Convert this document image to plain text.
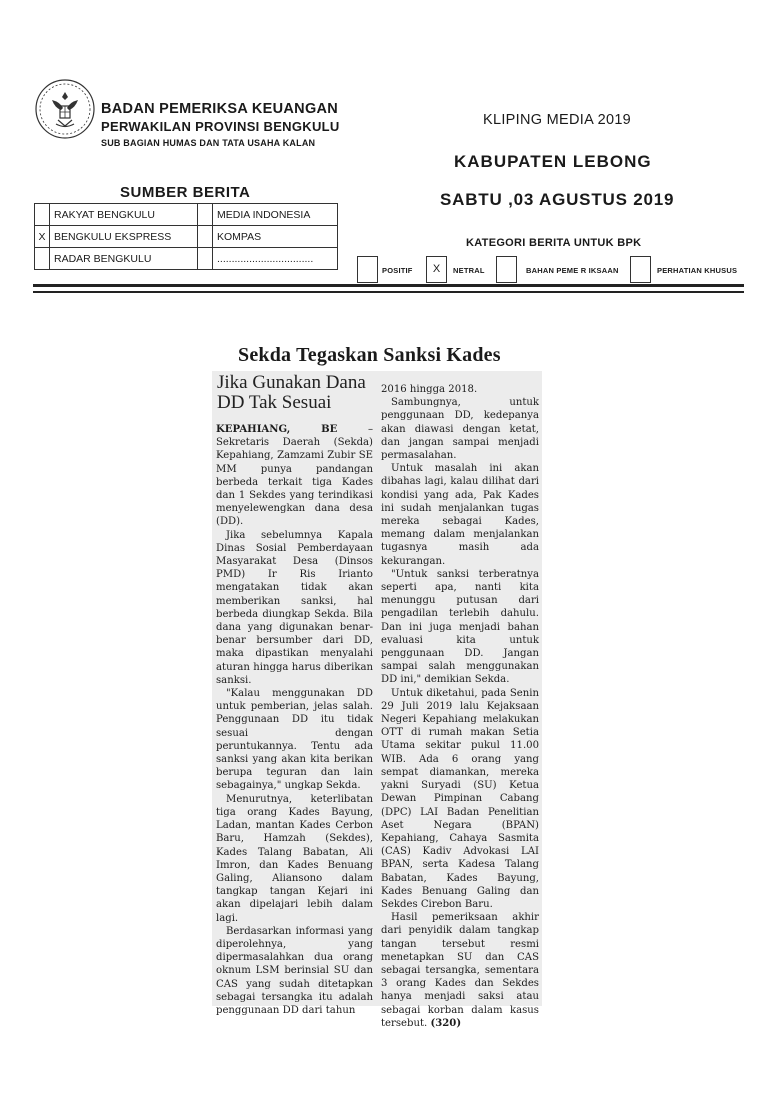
BADAN PEMERIKSA KEUANGAN
PERWAKILAN PROVINSI BENGKULU
SUB BAGIAN HUMAS DAN TATA USAHA KALAN
KLIPING MEDIA 2019
KABUPATEN LEBONG
SABTU ,03 AGUSTUS 2019
SUMBER BERITA
	RAKYAT BENGKULU		MEDIA INDONESIA
X	BENGKULU EKSPRESS		KOMPAS
	RADAR BENGKULU		.................................
KATEGORI BERITA UNTUK BPK
POSITIF	X	NETRAL	BAHAN PEME R IKSAAN	PERHATIAN KHUSUS
Sekda Tegaskan Sanksi Kades
Jika Gunakan Dana DD Tak Sesuai

KEPAHIANG, BE – Sekretaris Daerah (Sekda) Kepahiang, Zamzami Zubir SE MM punya pandangan berbeda terkait tiga Kades dan 1 Sekdes yang terindikasi menyelewengkan dana desa (DD).

Jika sebelumnya Kapala Dinas Sosial Pemberdayaan Masyarakat Desa (Dinsos PMD) Ir Ris Irianto mengatakan tidak akan memberikan sanksi, hal berbeda diungkap Sekda. Bila dana yang digunakan benar-benar bersumber dari DD, maka dipastikan menyalahi aturan hingga harus diberikan sanksi.

"Kalau menggunakan DD untuk pemberian, jelas salah. Penggunaan DD itu tidak sesuai dengan peruntukannya. Tentu ada sanksi yang akan kita berikan berupa teguran dan lain sebagainya," ungkap Sekda.

Menurutnya, keterlibatan tiga orang Kades Bayung, Ladan, mantan Kades Cerbon Baru, Hamzah (Sekdes), Kades Talang Babatan, Ali Imron, dan Kades Benuang Galing, Aliansono dalam tangkap tangan Kejari ini akan dipelajari lebih dalam lagi.

Berdasarkan informasi yang diperolehnya, yang dipermasalahkan dua orang oknum LSM berinsial SU dan CAS yang sudah ditetapkan sebagai tersangka itu adalah penggunaan DD dari tahun

2016 hingga 2018.

Sambungnya, untuk penggunaan DD, kedepanya akan diawasi dengan ketat, dan jangan sampai menjadi permasalahan.

Untuk masalah ini akan dibahas lagi, kalau dilihat dari kondisi yang ada, Pak Kades ini sudah menjalankan tugas mereka sebagai Kades, memang dalam menjalankan tugasnya masih ada kekurangan.

"Untuk sanksi terberatnya seperti apa, nanti kita menunggu putusan dari pengadilan terlebih dahulu. Dan ini juga menjadi bahan evaluasi kita untuk penggunaan DD. Jangan sampai salah menggunakan DD ini," demikian Sekda.

Untuk diketahui, pada Senin 29 Juli 2019 lalu Kejaksaan Negeri Kepahiang melakukan OTT di rumah makan Setia Utama sekitar pukul 11.00 WIB. Ada 6 orang yang sempat diamankan, mereka yakni Suryadi (SU) Ketua Dewan Pimpinan Cabang (DPC) LAI Badan Penelitian Aset Negara (BPAN) Kepahiang, Cahaya Sasmita (CAS) Kadiv Advokasi LAI BPAN, serta Kadesa Talang Babatan, Kades Bayung, Kades Benuang Galing dan Sekdes Cirebon Baru.

Hasil pemeriksaan akhir dari penyidik dalam tangkap tangan tersebut resmi menetapkan SU dan CAS sebagai tersangka, sementara 3 orang Kades dan Sekdes hanya menjadi saksi atau sebagai korban dalam kasus tersebut. (320)
